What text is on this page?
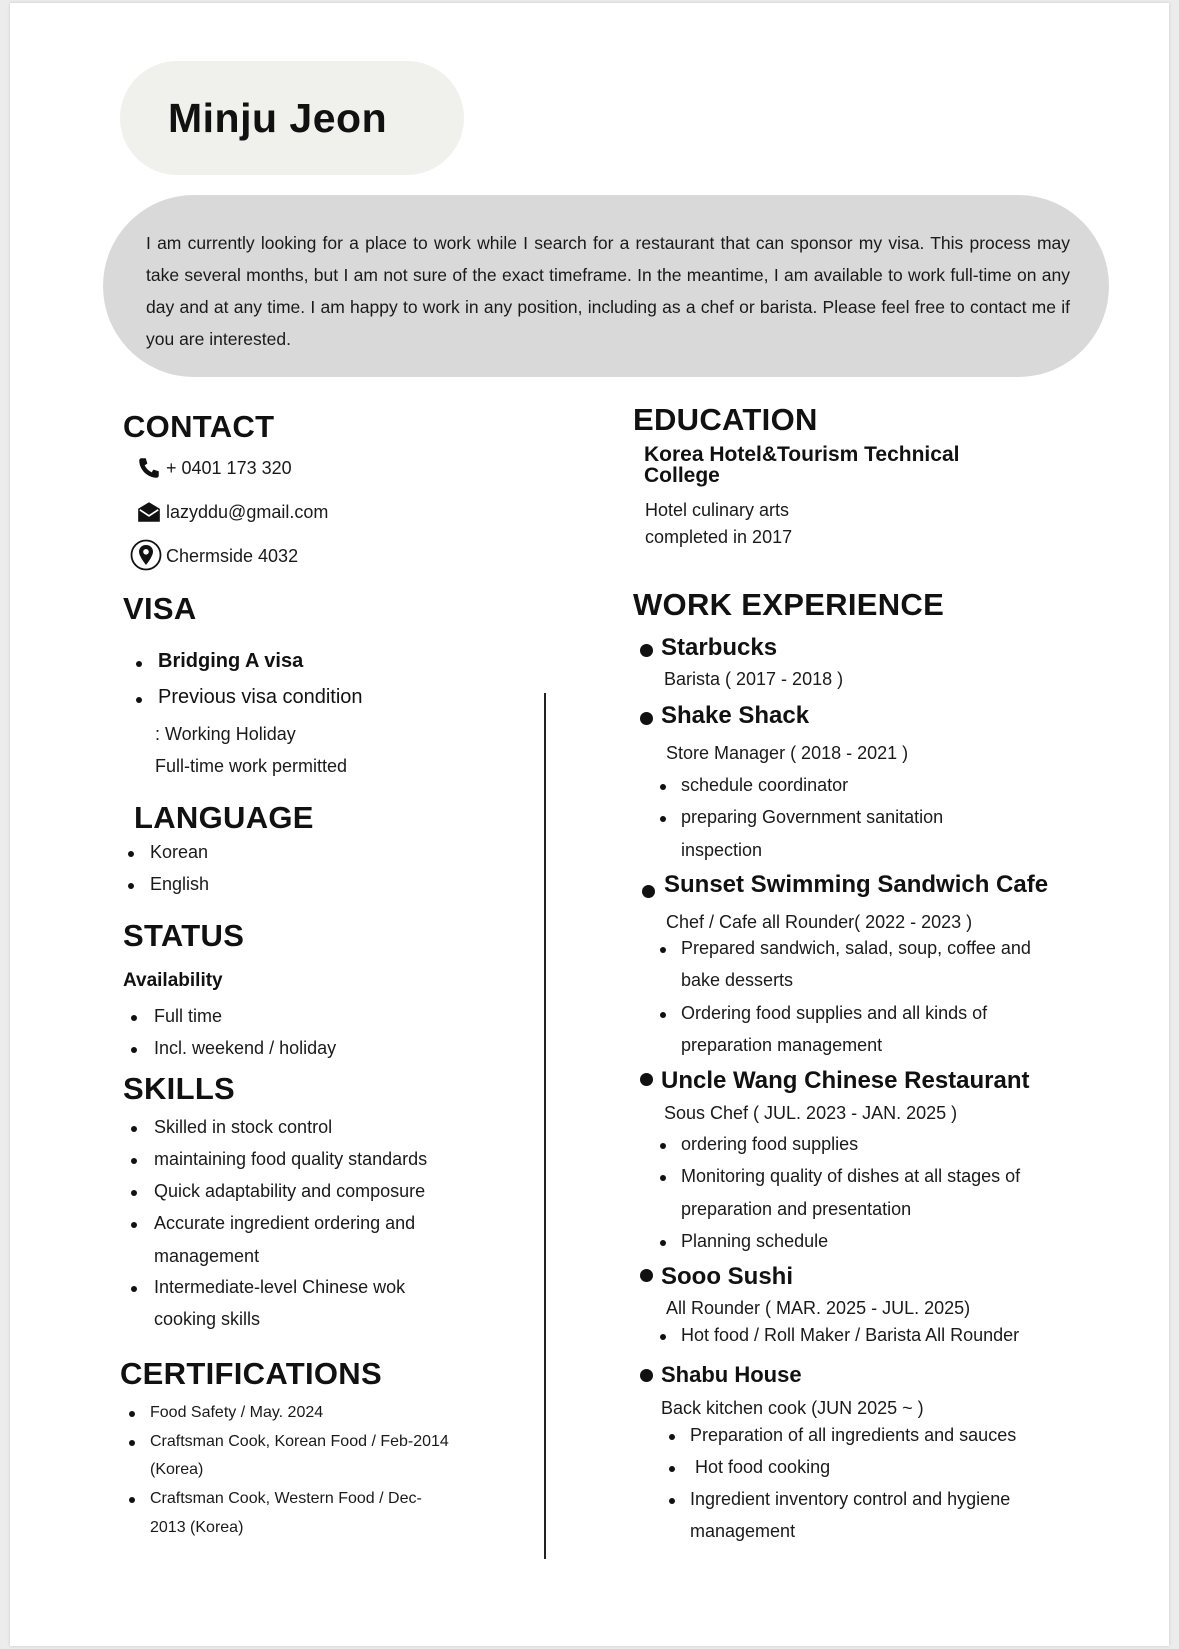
Minju Jeon
I am currently looking for a place to work while I search for a restaurant that can sponsor my visa. This process may take several months, but I am not sure of the exact timeframe. In the meantime, I am available to work full-time on any day and at any time. I am happy to work in any position, including as a chef or barista. Please feel free to contact me if you are interested.
CONTACT
+ 0401 173 320
lazyddu@gmail.com
Chermside 4032
VISA
Bridging A visa
Previous visa condition
: Working Holiday
Full-time work permitted
LANGUAGE
Korean
English
STATUS
Availability
Full time
Incl. weekend / holiday
SKILLS
Skilled in stock control
maintaining food quality standards
Quick adaptability and composure
Accurate ingredient ordering and
management
Intermediate-level Chinese wok
cooking skills
CERTIFICATIONS
Food Safety / May. 2024
Craftsman Cook, Korean Food / Feb-2014
(Korea)
Craftsman Cook, Western Food / Dec-
2013 (Korea)
EDUCATION
Korea Hotel&Tourism Technical
College
Hotel culinary arts
completed in 2017
WORK EXPERIENCE
Starbucks
Barista ( 2017 - 2018 )
Shake Shack
Store Manager ( 2018 - 2021 )
schedule coordinator
preparing Government sanitation
inspection
Sunset Swimming Sandwich Cafe
Chef / Cafe all Rounder( 2022 - 2023 )
Prepared sandwich, salad, soup, coffee and
bake desserts
Ordering food supplies and all kinds of
preparation management
Uncle Wang Chinese Restaurant
Sous Chef ( JUL. 2023 - JAN. 2025 )
ordering food supplies
Monitoring quality of dishes at all stages of
preparation and presentation
Planning schedule
Sooo Sushi
All Rounder ( MAR. 2025 - JUL. 2025)
Hot food / Roll Maker / Barista All Rounder
Shabu House
Back kitchen cook (JUN 2025 ~ )
Preparation of all ingredients and sauces
Hot food cooking
Ingredient inventory control and hygiene
management
